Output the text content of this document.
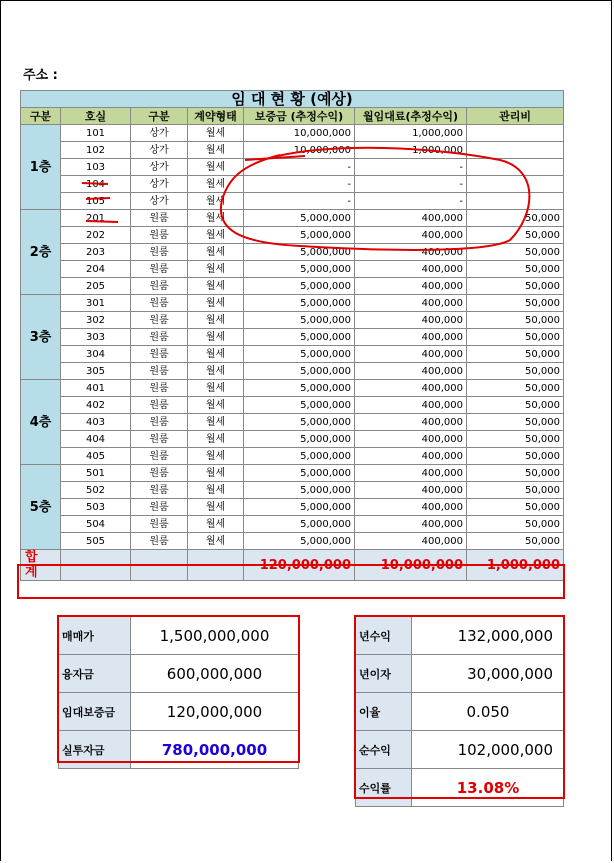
주소 :
임 대 현 황 (예상)						
구분	호실	구분	계약형태	보증금 (추정수익)	월임대료(추정수익)	관리비
1층	101	상가	월세	10,000,000	1,000,000	
	102	상가	월세	10,000,000	1,000,000	
	103	상가	월세	-	-	
	104	상가	월세	-	-	
	105	상가	월세	-	-	
2층	201	원룸	월세	5,000,000	400,000	50,000
	202	원룸	월세	5,000,000	400,000	50,000
	203	원룸	월세	5,000,000	400,000	50,000
	204	원룸	월세	5,000,000	400,000	50,000
	205	원룸	월세	5,000,000	400,000	50,000
3층	301	원룸	월세	5,000,000	400,000	50,000
	302	원룸	월세	5,000,000	400,000	50,000
	303	원룸	월세	5,000,000	400,000	50,000
	304	원룸	월세	5,000,000	400,000	50,000
	305	원룸	월세	5,000,000	400,000	50,000
4층	401	원룸	월세	5,000,000	400,000	50,000
	402	원룸	월세	5,000,000	400,000	50,000
	403	원룸	월세	5,000,000	400,000	50,000
	404	원룸	월세	5,000,000	400,000	50,000
	405	원룸	월세	5,000,000	400,000	50,000
5층	501	원룸	월세	5,000,000	400,000	50,000
	502	원룸	월세	5,000,000	400,000	50,000
	503	원룸	월세	5,000,000	400,000	50,000
	504	원룸	월세	5,000,000	400,000	50,000
	505	원룸	월세	5,000,000	400,000	50,000
합 계				120,000,000	10,000,000	1,000,000
매매가	1,500,000,000
융자금	600,000,000
임대보증금	120,000,000
실투자금	780,000,000
년수익	132,000,000
년이자	30,000,000
이율	0.050
순수익	102,000,000
수익률	13.08%
